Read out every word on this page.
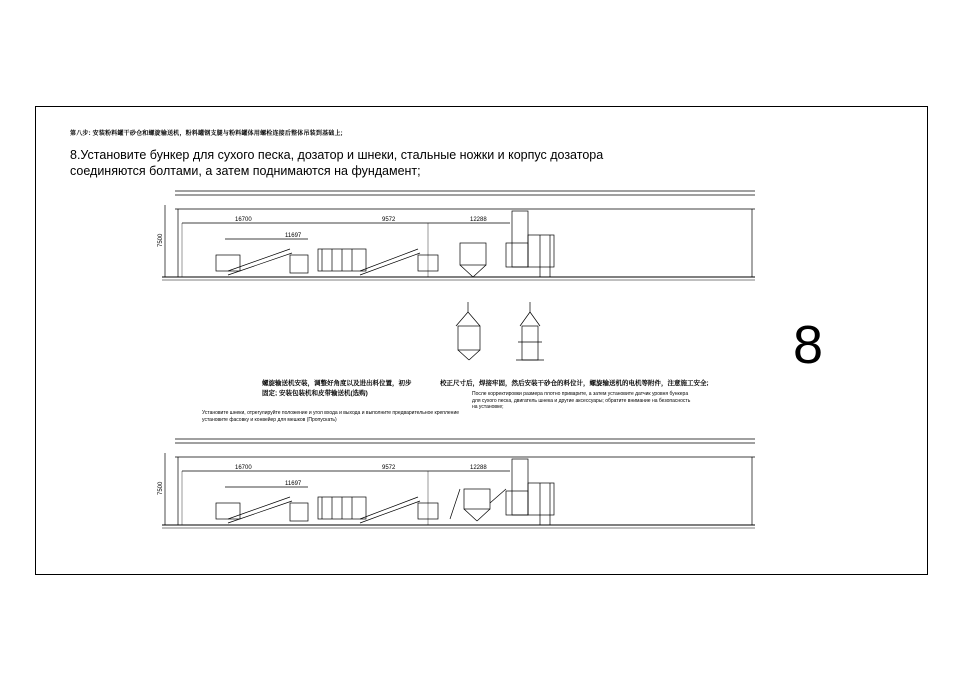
第八步: 安装粉料罐干砂仓和螺旋输送机，粉料罐钢支腿与粉料罐体用螺栓连接后整体吊装到基础上;
8.Установите бункер для сухого песка, дозатор и шнеки, стальные ножки и корпус дозатора соединяются болтами, а затем поднимаются на фундамент;
8
7500
16700
11697
9572	12288
螺旋输送机安装，调整好角度以及进出料位置，初步固定; 安装包装机和皮带输送机(选购)
校正尺寸后，焊接牢固，然后安装干砂仓的料位计，螺旋输送机的电机等附件，注意施工安全;
Установите шнеки, отрегулируйте положение и угол входа и выхода и выполните предварительное крепление установите фасовку и конвейер для мешков (Пропускать)
После корректировки размера плотно приварите, а затем установите датчик уровня бункера для сухого песка, двигатель шнека и другие аксессуары; обратите внимание на безопасность на установке;
7500
16700
11697
9572	12288
